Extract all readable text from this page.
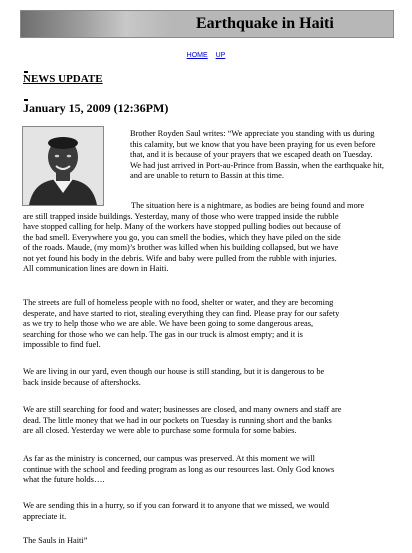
Earthquake in Haiti
HOME UP
NEWS UPDATE
January 15, 2009 (12:36PM)
Brother Royden Saul writes: “We appreciate you standing with us during
this calamity, but we know that you have been praying for us even before
that, and it is because of your prayers that we escaped death on Tuesday.
We had just arrived in Port-au-Prince from Bassin, when the earthquake hit,
and are unable to return to Bassin at this time.
The situation here is a nightmare, as bodies are being found and more
are still trapped inside buildings. Yesterday, many of those who were trapped inside the rubble
have stopped calling for help. Many of the workers have stopped pulling bodies out because of
the bad smell. Everywhere you go, you can smell the bodies, which they have piled on the side
of the roads. Maude, (my mom)’s brother was killed when his building collapsed, but we have
not yet found his body in the debris. Wife and baby were pulled from the rubble with injuries.
All communication lines are down in Haiti.
The streets are full of homeless people with no food, shelter or water, and they are becoming
desperate, and have started to riot, stealing everything they can find. Please pray for our safety
as we try to help those who we are able. We have been going to some dangerous areas,
searching for those who we can help. The gas in our truck is almost empty; and it is
impossible to find fuel.
We are living in our yard, even though our house is still standing, but it is dangerous to be
back inside because of aftershocks.
We are still searching for food and water; businesses are closed, and many owners and staff are
dead. The little money that we had in our pockets on Tuesday is running short and the banks
are all closed. Yesterday we were able to purchase some formula for some babies.
As far as the ministry is concerned, our campus was preserved. At this moment we will
continue with the school and feeding program as long as our resources last. Only God knows
what the future holds….
We are sending this in a hurry, so if you can forward it to anyone that we missed, we would
appreciate it.
The Sauls in Haiti”
